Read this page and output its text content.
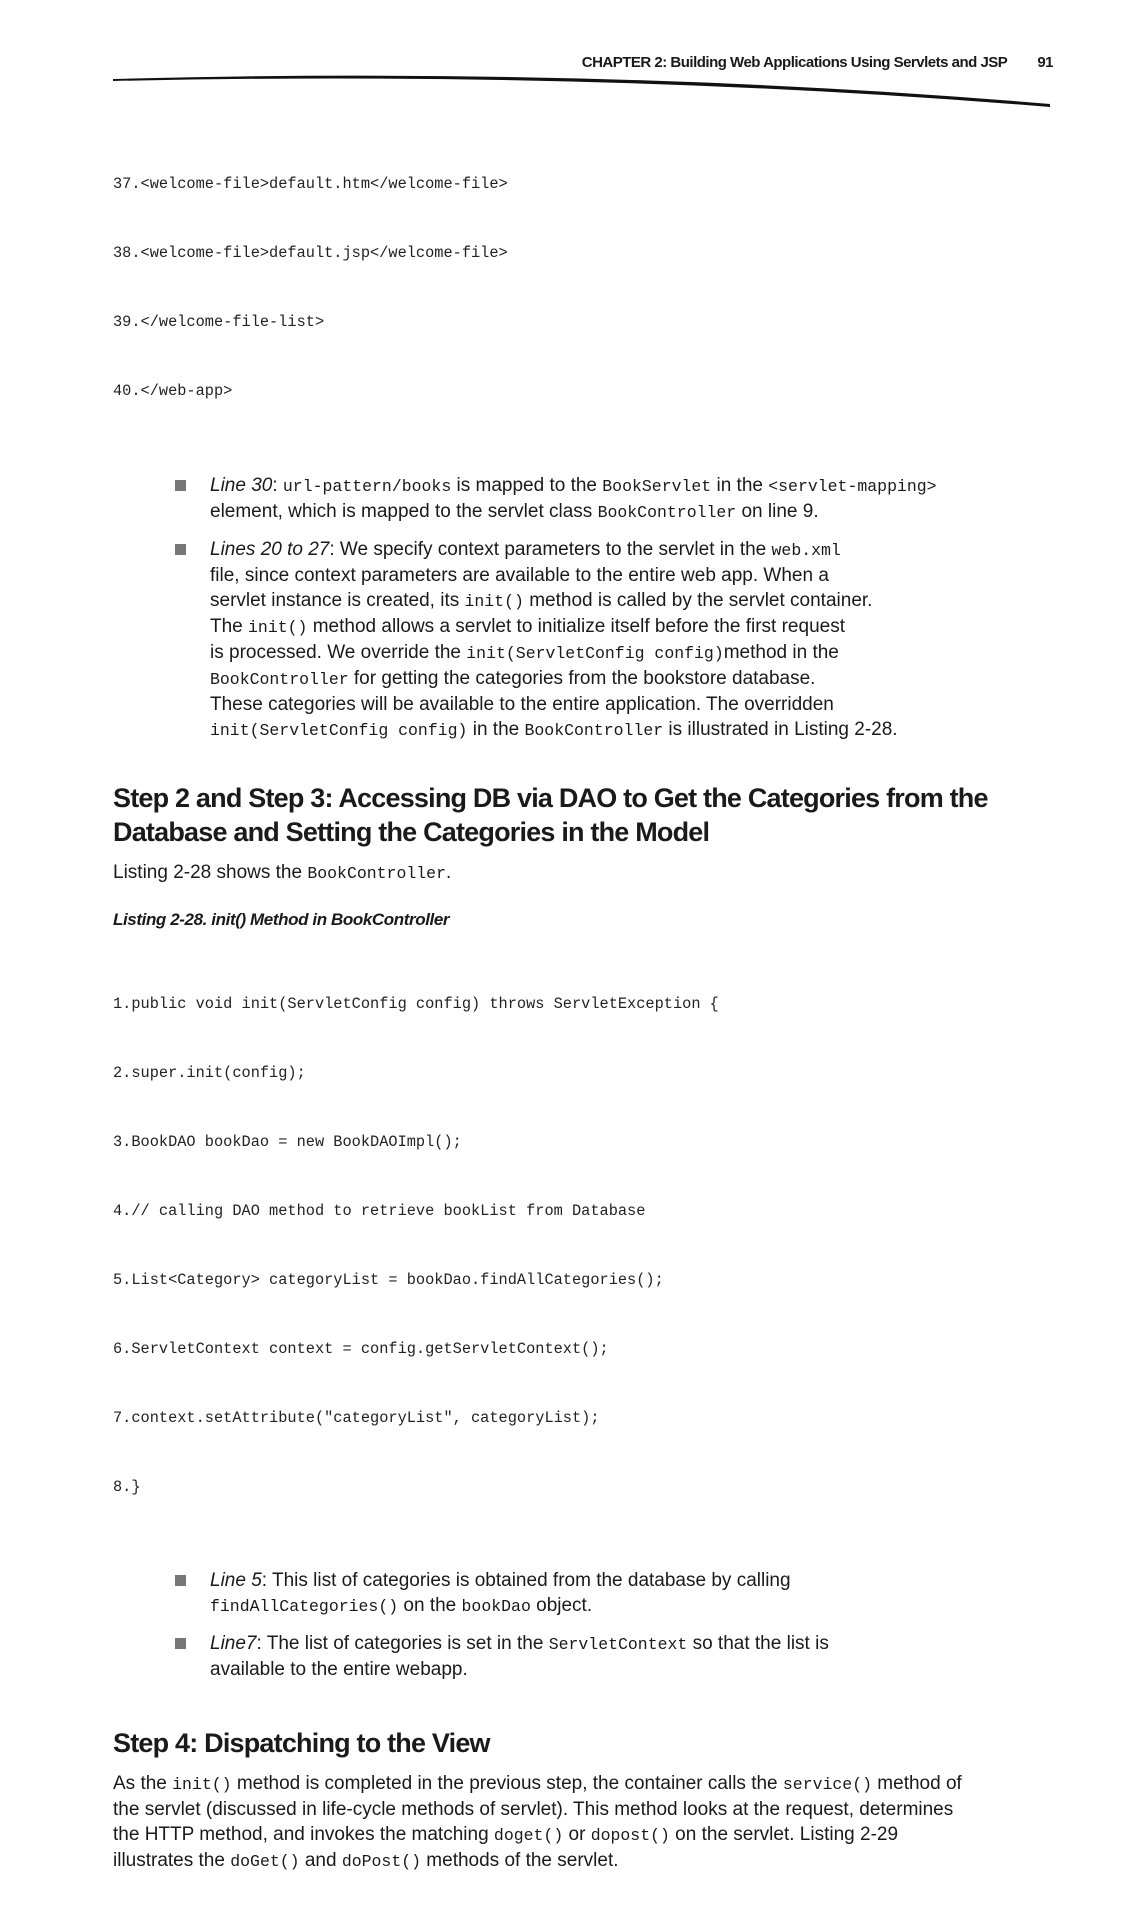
CHAPTER 2: Building Web Applications Using Servlets and JSP 91

37.<welcome-file>default.htm</welcome-file>

38.<welcome-file>default.jsp</welcome-file>

39.</welcome-file-list>

40.</web-app>

Line 30: url-pattern/books is mapped to the BookServlet in the <servlet-mapping>
element, which is mapped to the servlet class BookController on line 9.
Lines 20 to 27: We specify context parameters to the servlet in the web.xml
file, since context parameters are available to the entire web app. When a
servlet instance is created, its init() method is called by the servlet container.
The init() method allows a servlet to initialize itself before the first request
is processed. We override the init(ServletConfig config)method in the
BookController for getting the categories from the bookstore database.
These categories will be available to the entire application. The overridden
init(ServletConfig config) in the BookController is illustrated in Listing 2-28.
Step 2 and Step 3: Accessing DB via DAO to Get the Categories from the
Database and Setting the Categories in the Model
Listing 2-28 shows the BookController.
Listing 2-28. init() Method in BookController

1.public void init(ServletConfig config) throws ServletException {

2.super.init(config);

3.BookDAO bookDao = new BookDAOImpl();

4.// calling DAO method to retrieve bookList from Database

5.List<Category> categoryList = bookDao.findAllCategories();

6.ServletContext context = config.getServletContext();

7.context.setAttribute("categoryList", categoryList);

8.}

Line 5: This list of categories is obtained from the database by calling
findAllCategories() on the bookDao object.
Line7: The list of categories is set in the ServletContext so that the list is
available to the entire webapp.
Step 4: Dispatching to the View
As the init() method is completed in the previous step, the container calls the service() method of
the servlet (discussed in life-cycle methods of servlet). This method looks at the request, determines
the HTTP method, and invokes the matching doget() or dopost() on the servlet. Listing 2-29
illustrates the doGet() and doPost() methods of the servlet.
